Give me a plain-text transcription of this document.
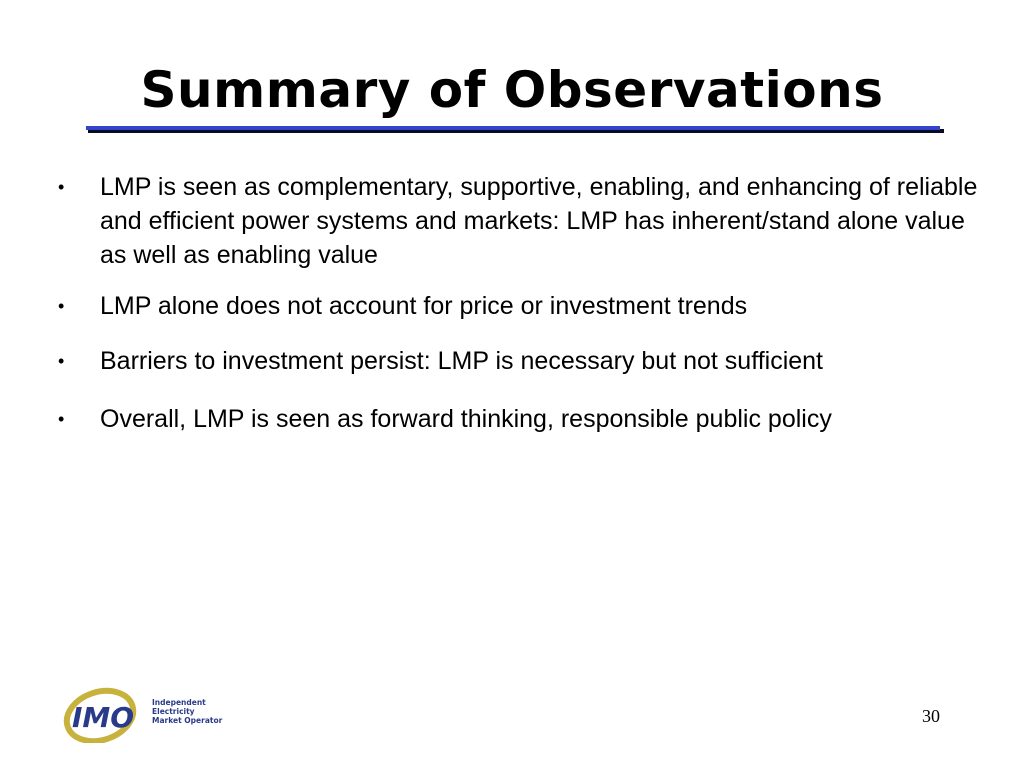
Summary of Observations
• LMP is seen as complementary, supportive, enabling, and enhancing of reliable and efficient power systems and markets: LMP has inherent/stand alone value as well as enabling value
• LMP alone does not account for price or investment trends
• Barriers to investment persist: LMP is necessary but not sufficient
• Overall, LMP is seen as forward thinking, responsible public policy
IMO Independent
Electricity
Market Operator	30
